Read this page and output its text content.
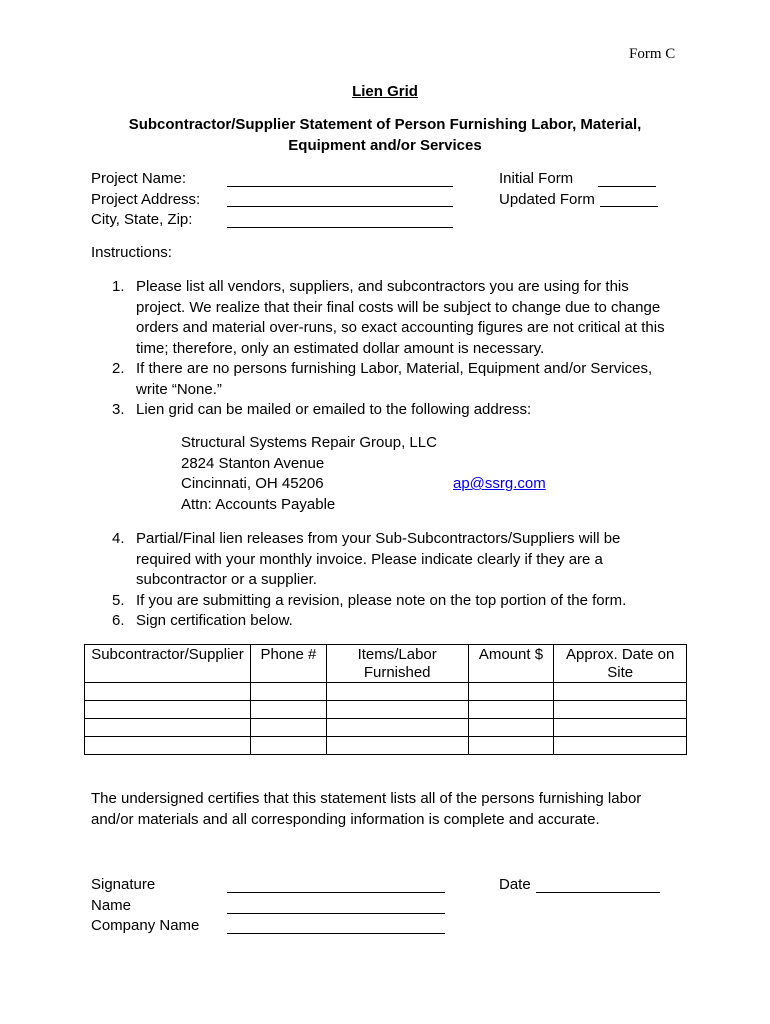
Form C
Lien Grid
Subcontractor/Supplier Statement of Person Furnishing Labor, Material,
Equipment and/or Services
Project Name:
Project Address:
City, State, Zip:
Initial Form
Updated Form
Instructions:
1. Please list all vendors, suppliers, and subcontractors you are using for this
project. We realize that their final costs will be subject to change due to change
orders and material over-runs, so exact accounting figures are not critical at this
time; therefore, only an estimated dollar amount is necessary.
2. If there are no persons furnishing Labor, Material, Equipment and/or Services,
write “None.”
3. Lien grid can be mailed or emailed to the following address:
Structural Systems Repair Group, LLC
2824 Stanton Avenue
Cincinnati, OH 45206
Attn: Accounts Payable
ap@ssrg.com
4. Partial/Final lien releases from your Sub-Subcontractors/Suppliers will be
required with your monthly invoice. Please indicate clearly if they are a
subcontractor or a supplier.
5. If you are submitting a revision, please note on the top portion of the form.
6. Sign certification below.
Subcontractor/Supplier	Phone #	Items/Labor Furnished	Amount $	Approx. Date on Site

The undersigned certifies that this statement lists all of the persons furnishing labor
and/or materials and all corresponding information is complete and accurate.
Signature
Name
Company Name
Date
